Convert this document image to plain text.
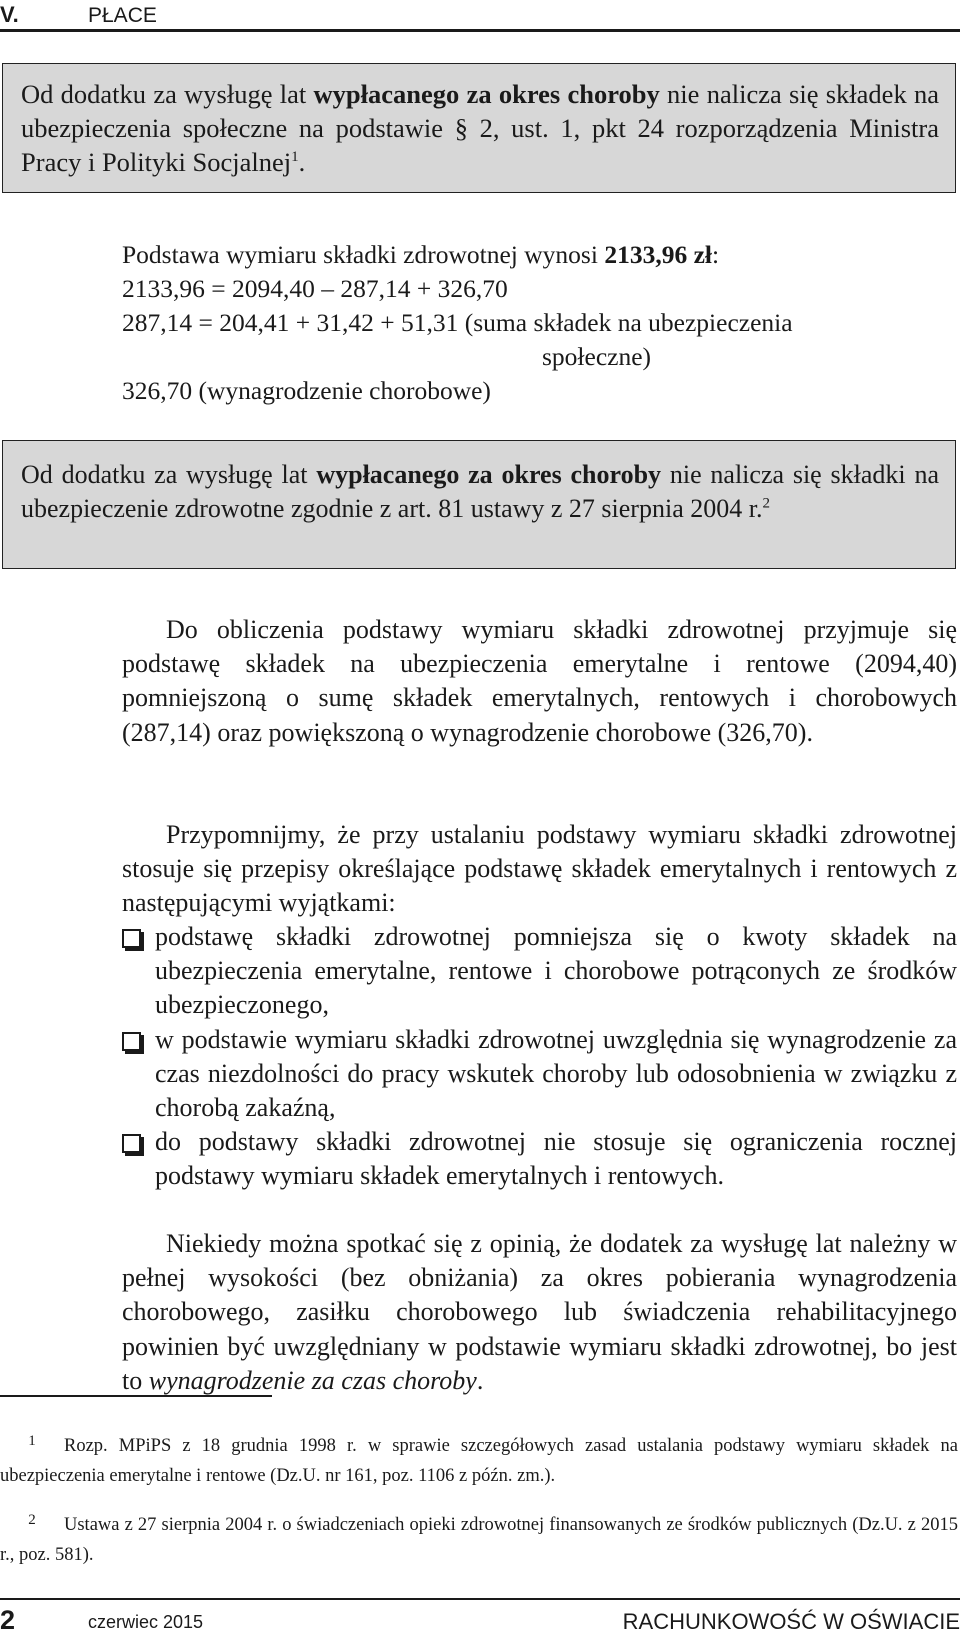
V.	PŁACE
Od dodatku za wysługę lat wypłacanego za okres choroby nie nalicza się składek na ubezpieczenia społeczne na podstawie § 2, ust. 1, pkt 24 rozporządzenia Ministra Pracy i Polityki Socjalnej$^1$.
Podstawa wymiaru składki zdrowotnej wynosi 2133,96 zł:
2133,96 = 2094,40 – 287,14 + 326,70
287,14 = 204,41 + 31,42 + 51,31 (suma składek na ubezpieczenia
społeczne)
326,70 (wynagrodzenie chorobowe)
Od dodatku za wysługę lat wypłacanego za okres choroby nie nalicza się składki na ubezpieczenie zdrowotne zgodnie z art. 81 ustawy z 27 sierpnia 2004 r.$^2$
Do obliczenia podstawy wymiaru składki zdrowotnej przyjmuje się podstawę składek na ubezpieczenia emerytalne i rentowe (2094,40) pomniejszoną o sumę składek emerytalnych, rentowych i chorobowych (287,14) oraz powiększoną o wynagrodzenie chorobowe (326,70).
Przypomnijmy, że przy ustalaniu podstawy wymiaru składki zdrowotnej stosuje się przepisy określające podstawę składek emerytalnych i rentowych z następującymi wyjątkami:
podstawę składki zdrowotnej pomniejsza się o kwoty składek na ubezpieczenia emerytalne, rentowe i chorobowe potrąconych ze środków ubezpieczonego,
w podstawie wymiaru składki zdrowotnej uwzględnia się wynagrodzenie za czas niezdolności do pracy wskutek choroby lub odosobnienia w związku z chorobą zakaźną,
do podstawy składki zdrowotnej nie stosuje się ograniczenia rocznej podstawy wymiaru składek emerytalnych i rentowych.
Niekiedy można spotkać się z opinią, że dodatek za wysługę lat należny w pełnej wysokości (bez obniżania) za okres pobierania wynagrodzenia chorobowego, zasiłku chorobowego lub świadczenia rehabilitacyjnego powinien być uwzględniany w podstawie wymiaru składki zdrowotnej, bo jest to wynagrodzenie za czas choroby.
1 Rozp. MPiPS z 18 grudnia 1998 r. w sprawie szczegółowych zasad ustalania podstawy wymiaru składek na ubezpieczenia emerytalne i rentowe (Dz.U. nr 161, poz. 1106 z późn. zm.).
2 Ustawa z 27 sierpnia 2004 r. o świadczeniach opieki zdrowotnej finansowanych ze środków publicznych (Dz.U. z 2015 r., poz. 581).
2	czerwiec 2015	RACHUNKOWOŚĆ W OŚWIACIE
